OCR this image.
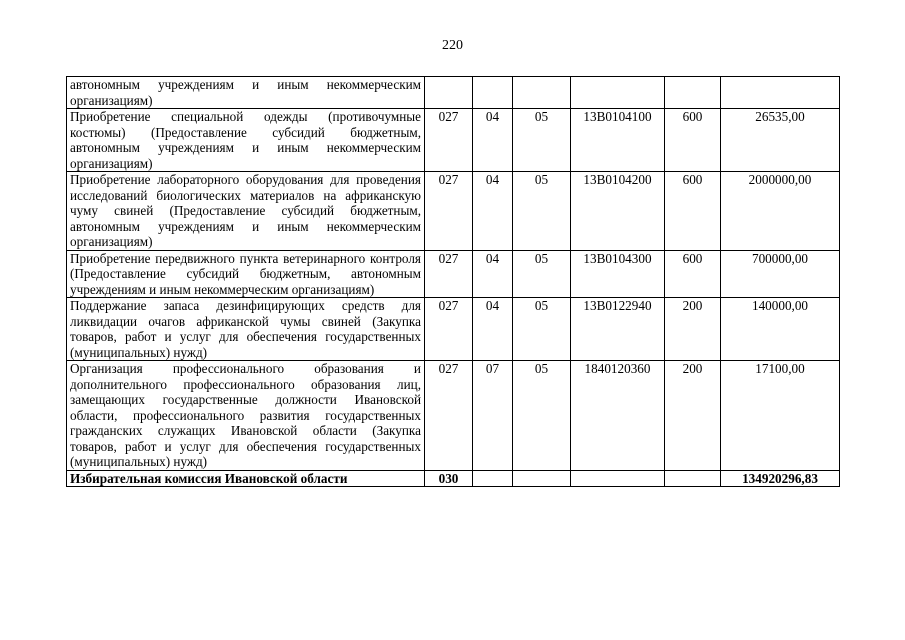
220
автономным учреждениям и иным некоммерческим организациям)						
Приобретение специальной одежды (противочумные костюмы) (Предоставление субсидий бюджетным, автономным учреждениям и иным некоммерческим организациям)	027	04	05	13В0104100	600	26535,00
Приобретение лабораторного оборудования для проведения исследований биологических материалов на африканскую чуму свиней (Предоставление субсидий бюджетным, автономным учреждениям и иным некоммерческим организациям)	027	04	05	13В0104200	600	2000000,00
Приобретение передвижного пункта ветеринарного контроля (Предоставление субсидий бюджетным, автономным учреждениям и иным некоммерческим организациям)	027	04	05	13В0104300	600	700000,00
Поддержание запаса дезинфицирующих средств для ликвидации очагов африканской чумы свиней (Закупка товаров, работ и услуг для обеспечения государственных (муниципальных) нужд)	027	04	05	13В0122940	200	140000,00
Организация профессионального образования и дополнительного профессионального образования лиц, замещающих государственные должности Ивановской области, профессионального развития государственных гражданских служащих Ивановской области (Закупка товаров, работ и услуг для обеспечения государственных (муниципальных) нужд)	027	07	05	1840120360	200	17100,00
Избирательная комиссия Ивановской области	030					134920296,83
